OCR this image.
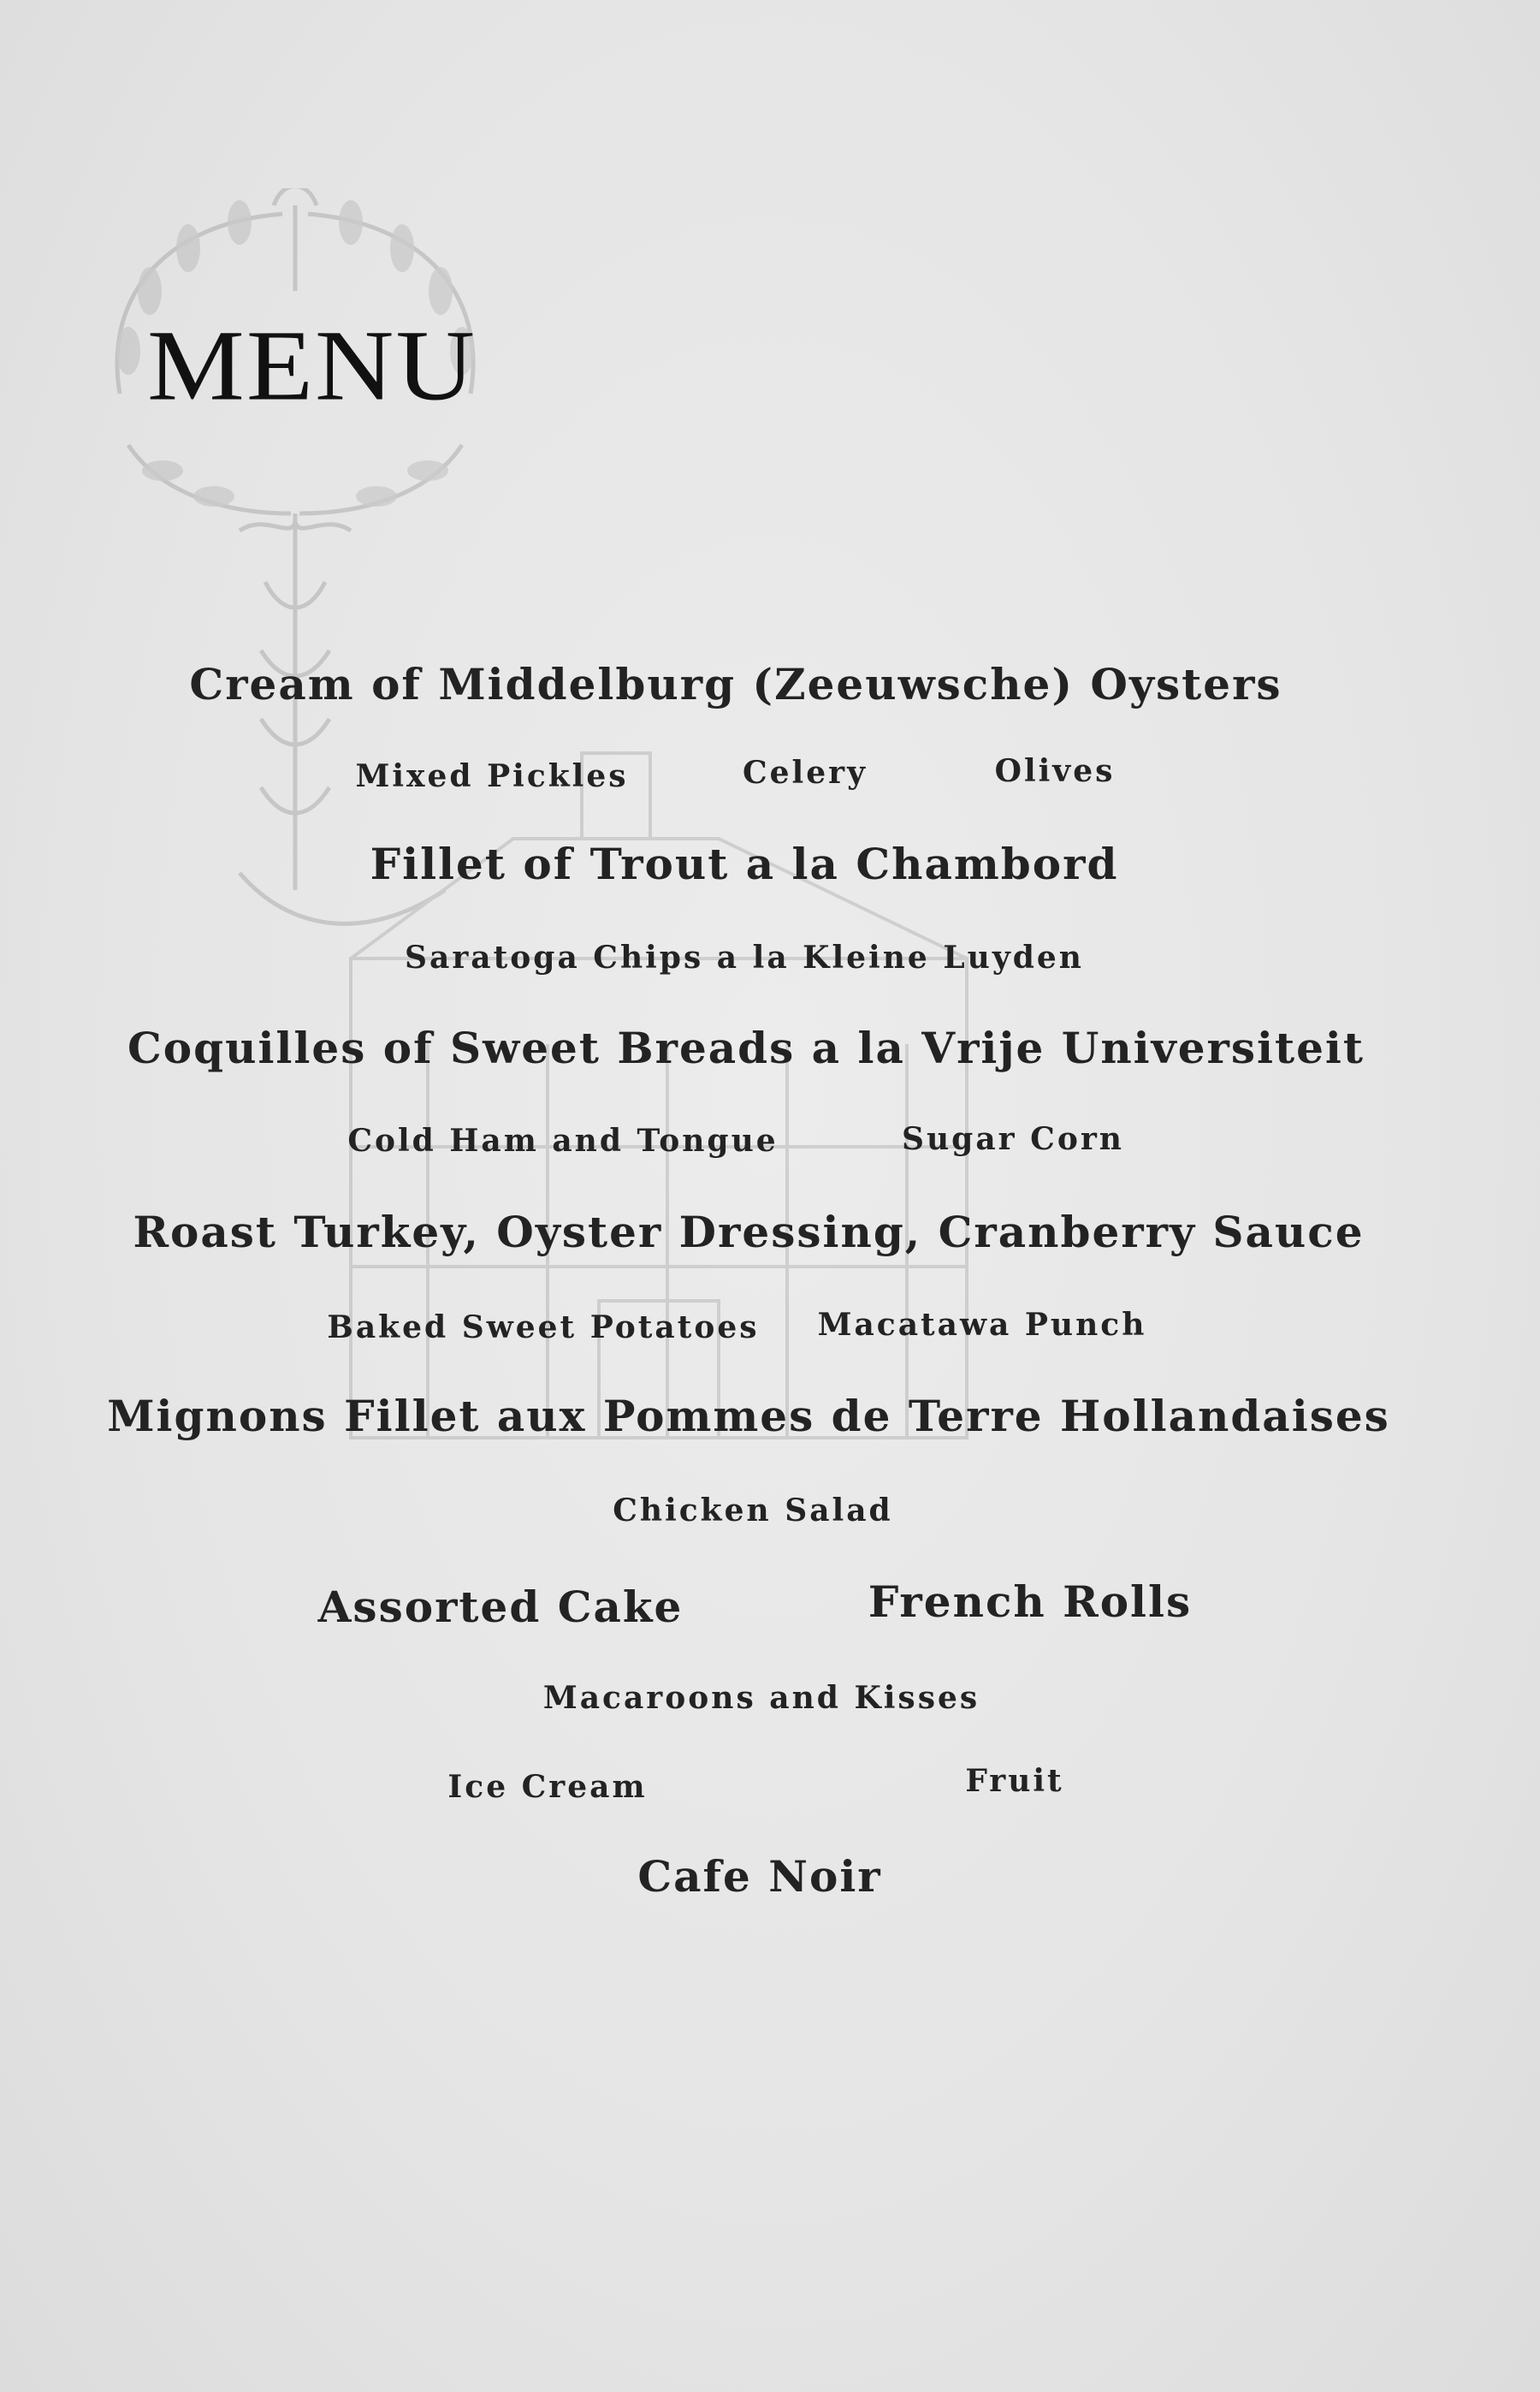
MENU
Cream of Middelburg (Zeeuwsche) Oysters
Mixed Pickles	Celery	Olives
Fillet of Trout a la Chambord
Saratoga Chips a la Kleine Luyden
Coquilles of Sweet Breads a la Vrije Universiteit
Cold Ham and Tongue	Sugar Corn
Roast Turkey, Oyster Dressing, Cranberry Sauce
Baked Sweet Potatoes Macatawa Punch
Mignons Fillet aux Pommes de Terre Hollandaises
Chicken Salad
Assorted Cake	French Rolls
Macaroons and Kisses
Ice Cream	Fruit
Cafe Noir
